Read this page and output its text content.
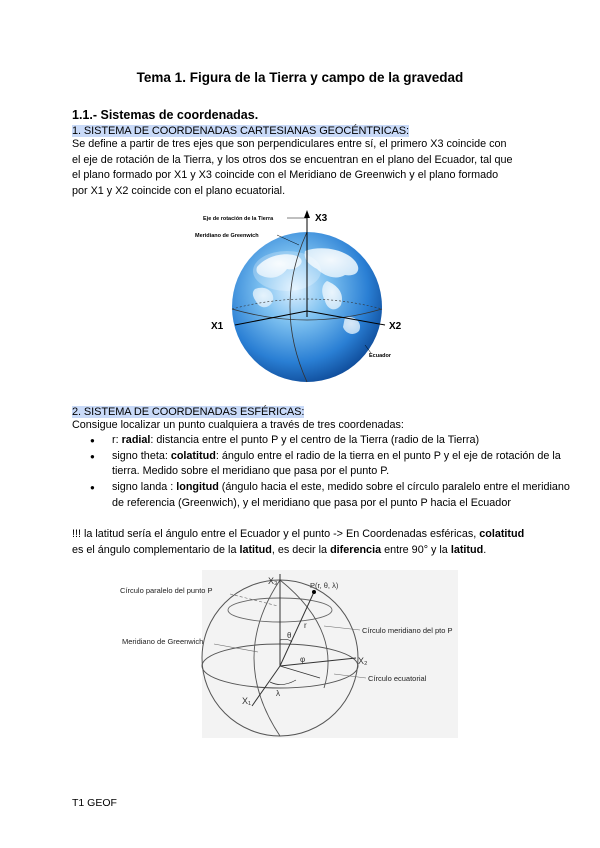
Tema 1. Figura de la Tierra y campo de la gravedad
1.1.- Sistemas de coordenadas.
1. SISTEMA DE COORDENADAS CARTESIANAS GEOCÉNTRICAS:
Se define a partir de tres ejes que son perpendiculares entre sí, el primero X3 coincide con
el eje de rotación de la Tierra, y los otros dos se encuentran en el plano del Ecuador, tal que
el plano formado por X1 y X3 coincide con el Meridiano de Greenwich y el plano formado
por X1 y X2 coincide con el plano ecuatorial.
Eje de rotación de la Tierra
Meridiano de Greenwich
Ecuador
X3
X1	X2
2. SISTEMA DE COORDENADAS ESFÉRICAS:
Consigue localizar un punto cualquiera a través de tres coordenadas:
● r: radial: distancia entre el punto P y el centro de la Tierra (radio de la Tierra)
● signo theta: colatitud: ángulo entre el radio de la tierra en el punto P y el eje de rotación de la tierra. Medido sobre el meridiano que pasa por el punto P.
● signo landa : longitud (ángulo hacia el este, medido sobre el círculo paralelo entre el meridiano de referencia (Greenwich), y el meridiano que pasa por el punto P hacia el Ecuador
!!! la latitud sería el ángulo entre el Ecuador y el punto -> En Coordenadas esféricas, colatitud es el ángulo complementario de la latitud, es decir la diferencia entre 90° y la latitud.
Círculo paralelo del punto P
Meridiano de Greenwich
Círculo meridiano del pto P
Círculo ecuatorial
X₃
X₁
X₂
P(r, θ, λ)
θ
r
φ
λ
T1 GEOF
